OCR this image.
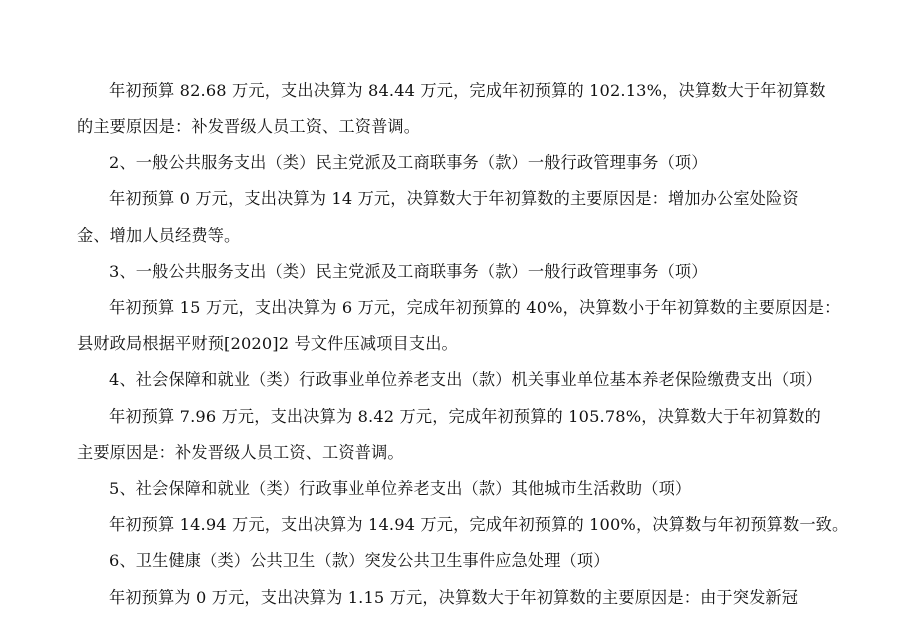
年初预算 82.68 万元，支出决算为 84.44 万元，完成年初预算的 102.13%，决算数大于年初算数
的主要原因是：补发晋级人员工资、工资普调。
2、一般公共服务支出（类）民主党派及工商联事务（款）一般行政管理事务（项）
年初预算 0 万元，支出决算为 14 万元，决算数大于年初算数的主要原因是：增加办公室处险资
金、增加人员经费等。
3、一般公共服务支出（类）民主党派及工商联事务（款）一般行政管理事务（项）
年初预算 15 万元，支出决算为 6 万元，完成年初预算的 40%，决算数小于年初算数的主要原因是：
县财政局根据平财预[2020]2 号文件压减项目支出。
4、社会保障和就业（类）行政事业单位养老支出（款）机关事业单位基本养老保险缴费支出（项）
年初预算 7.96 万元，支出决算为 8.42 万元，完成年初预算的 105.78%，决算数大于年初算数的
主要原因是：补发晋级人员工资、工资普调。
5、社会保障和就业（类）行政事业单位养老支出（款）其他城市生活救助（项）
年初预算 14.94 万元，支出决算为 14.94 万元，完成年初预算的 100%，决算数与年初预算数一致。
6、卫生健康（类）公共卫生（款）突发公共卫生事件应急处理（项）
年初预算为 0 万元，支出决算为 1.15 万元，决算数大于年初算数的主要原因是：由于突发新冠
